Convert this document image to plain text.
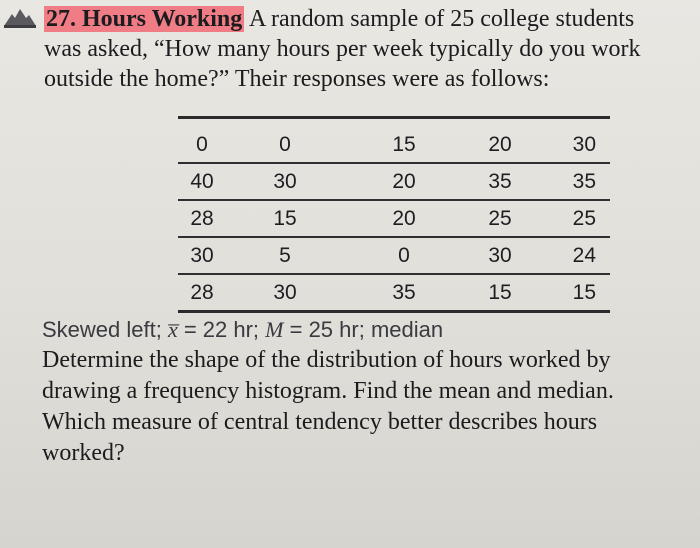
27. Hours Working A random sample of 25 college students
was asked, “How many hours per week typically do you work
outside the home?” Their responses were as follows:
0	0	15	20	30
40	30	20	35	35
28	15	20	25	25
30	5	0	30	24
28	30	35	15	15
Skewed left; x̅ = 22 hr; M = 25 hr; median
Determine the shape of the distribution of hours worked by
drawing a frequency histogram. Find the mean and median.
Which measure of central tendency better describes hours
worked?
